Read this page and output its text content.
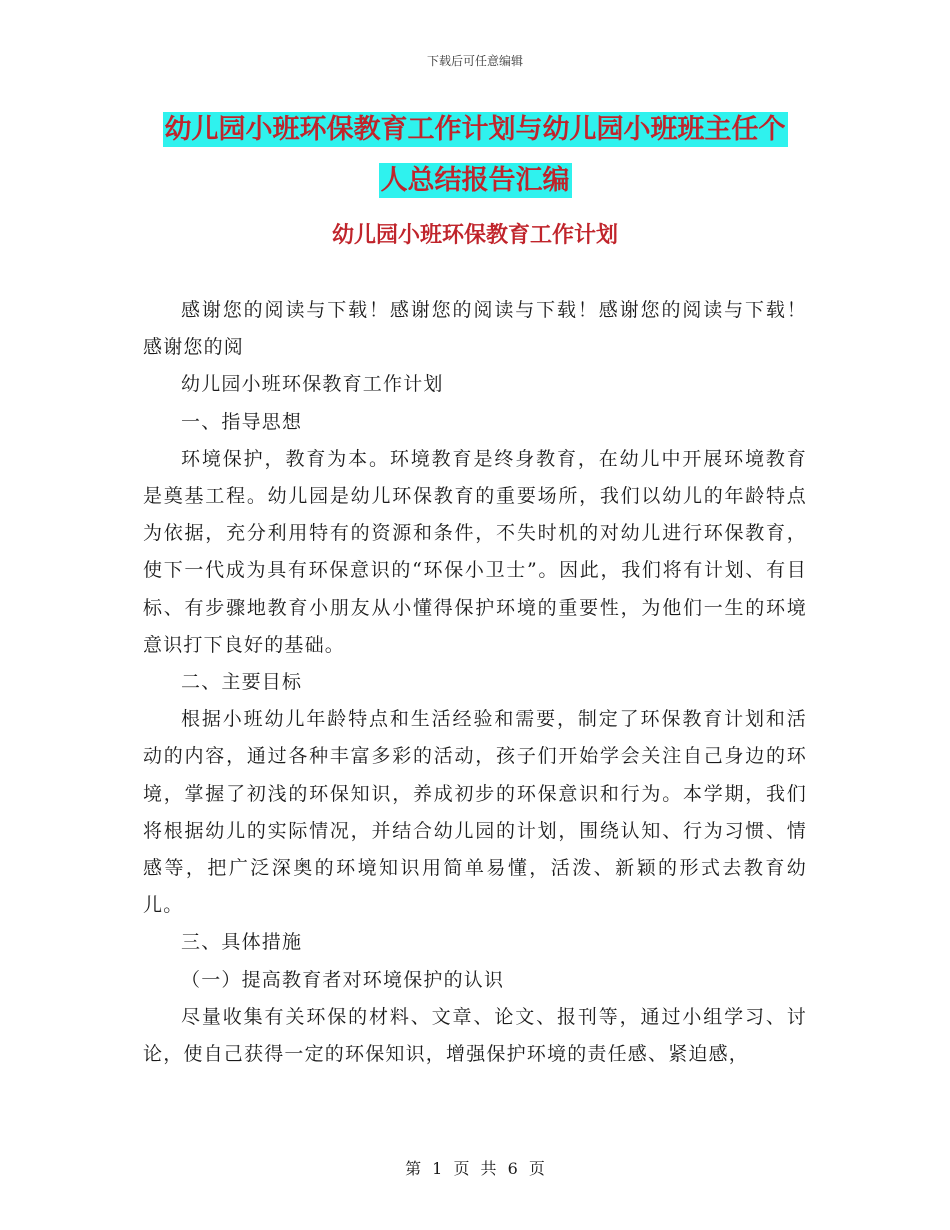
下载后可任意编辑
幼儿园小班环保教育工作计划与幼儿园小班班主任个
人总结报告汇编
幼儿园小班环保教育工作计划

感谢您的阅读与下载！感谢您的阅读与下载！感谢您的阅读与下载！感谢您的阅

幼儿园小班环保教育工作计划

一、指导思想

环境保护，教育为本。环境教育是终身教育，在幼儿中开展环境教育是奠基工程。幼儿园是幼儿环保教育的重要场所，我们以幼儿的年龄特点为依据，充分利用特有的资源和条件，不失时机的对幼儿进行环保教育，使下一代成为具有环保意识的“环保小卫士”。因此，我们将有计划、有目标、有步骤地教育小朋友从小懂得保护环境的重要性，为他们一生的环境意识打下良好的基础。

二、主要目标

根据小班幼儿年龄特点和生活经验和需要，制定了环保教育计划和活动的内容，通过各种丰富多彩的活动，孩子们开始学会关注自己身边的环境，掌握了初浅的环保知识，养成初步的环保意识和行为。本学期，我们将根据幼儿的实际情况，并结合幼儿园的计划，围绕认知、行为习惯、情感等，把广泛深奥的环境知识用简单易懂，活泼、新颖的形式去教育幼儿。

三、具体措施

（一）提高教育者对环境保护的认识

尽量收集有关环保的材料、文章、论文、报刊等，通过小组学习、讨论，使自己获得一定的环保知识，增强保护环境的责任感、紧迫感，

第 1 页 共 6 页
